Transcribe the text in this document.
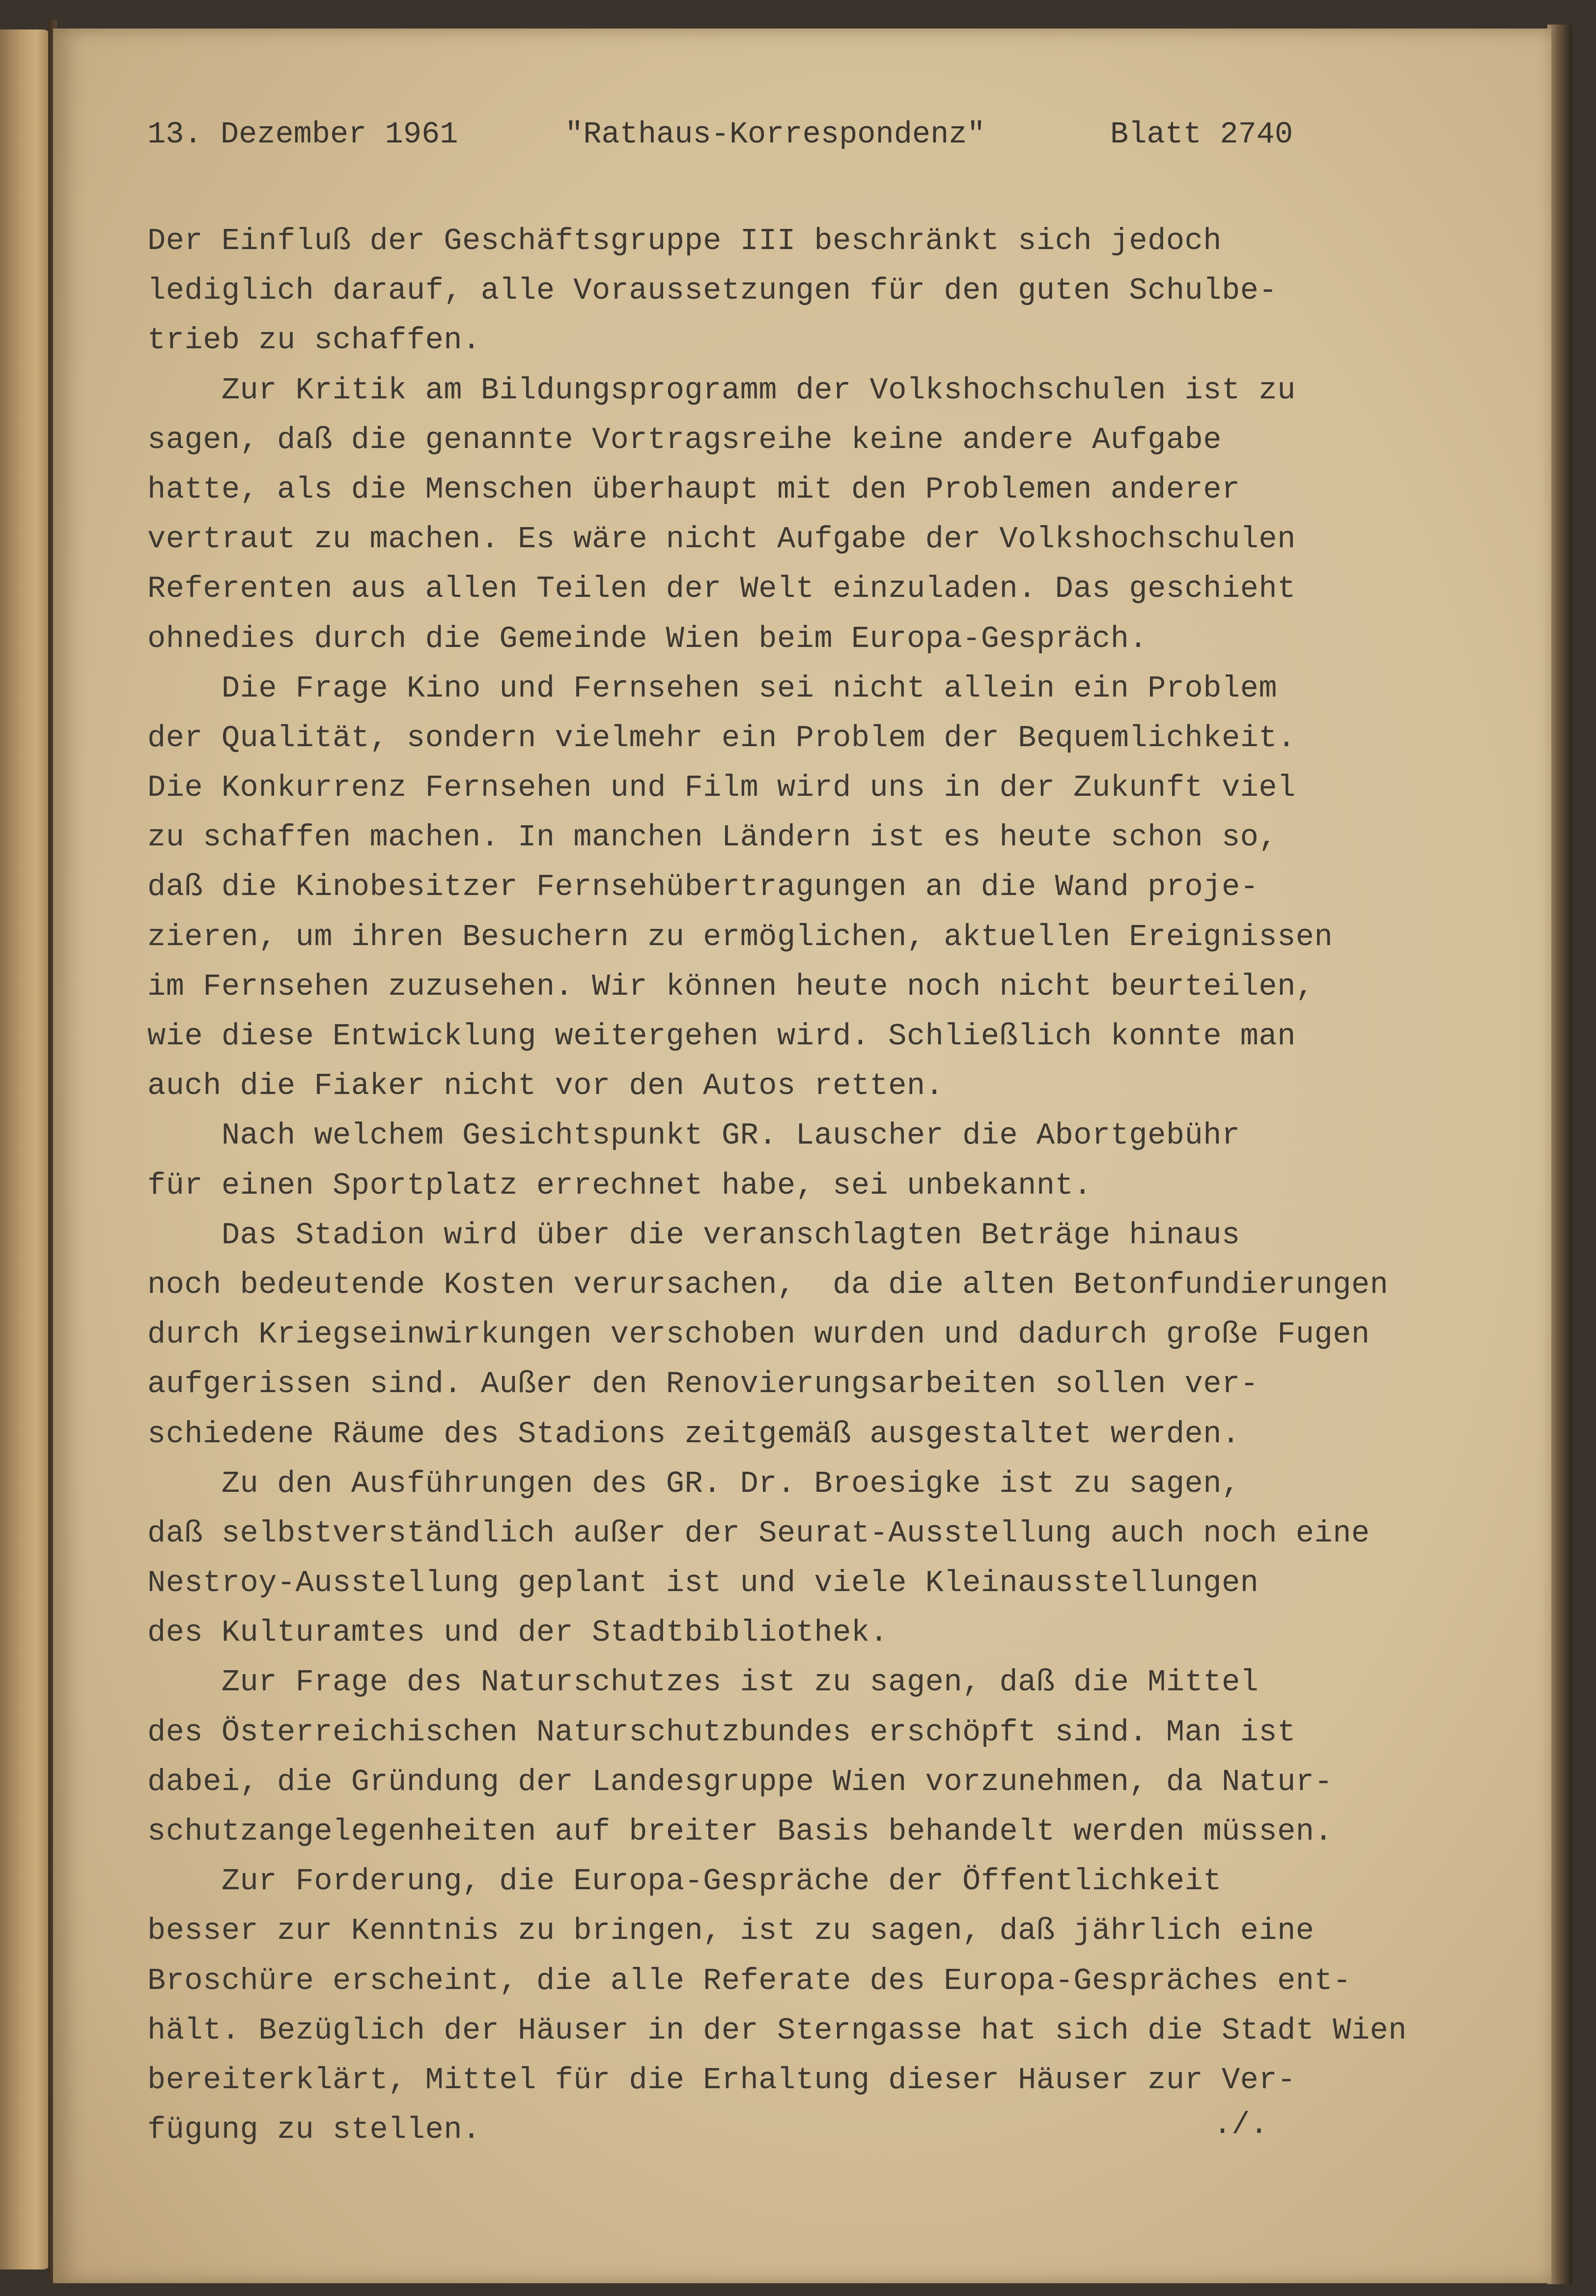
13. Dezember 1961

	"Rathaus-Korrespondenz"

	Blatt 2740

Der Einfluß der Geschäftsgruppe III beschränkt sich jedoch
lediglich darauf, alle Voraussetzungen für den guten Schulbe-
trieb zu schaffen.
Zur Kritik am Bildungsprogramm der Volkshochschulen ist zu
sagen, daß die genannte Vortragsreihe keine andere Aufgabe
hatte, als die Menschen überhaupt mit den Problemen anderer
vertraut zu machen. Es wäre nicht Aufgabe der Volkshochschulen
Referenten aus allen Teilen der Welt einzuladen. Das geschieht
ohnedies durch die Gemeinde Wien beim Europa-Gespräch.
Die Frage Kino und Fernsehen sei nicht allein ein Problem
der Qualität, sondern vielmehr ein Problem der Bequemlichkeit.
Die Konkurrenz Fernsehen und Film wird uns in der Zukunft viel
zu schaffen machen. In manchen Ländern ist es heute schon so,
daß die Kinobesitzer Fernsehübertragungen an die Wand proje-
zieren, um ihren Besuchern zu ermöglichen, aktuellen Ereignissen
im Fernsehen zuzusehen. Wir können heute noch nicht beurteilen,
wie diese Entwicklung weitergehen wird. Schließlich konnte man
auch die Fiaker nicht vor den Autos retten.
Nach welchem Gesichtspunkt GR. Lauscher die Abortgebühr
für einen Sportplatz errechnet habe, sei unbekannt.
Das Stadion wird über die veranschlagten Beträge hinaus
noch bedeutende Kosten verursachen,  da die alten Betonfundierungen
durch Kriegseinwirkungen verschoben wurden und dadurch große Fugen
aufgerissen sind. Außer den Renovierungsarbeiten sollen ver-
schiedene Räume des Stadions zeitgemäß ausgestaltet werden.
Zu den Ausführungen des GR. Dr. Broesigke ist zu sagen,
daß selbstverständlich außer der Seurat-Ausstellung auch noch eine
Nestroy-Ausstellung geplant ist und viele Kleinausstellungen
des Kulturamtes und der Stadtbibliothek.
Zur Frage des Naturschutzes ist zu sagen, daß die Mittel
des Österreichischen Naturschutzbundes erschöpft sind. Man ist
dabei, die Gründung der Landesgruppe Wien vorzunehmen, da Natur-
schutzangelegenheiten auf breiter Basis behandelt werden müssen.
Zur Forderung, die Europa-Gespräche der Öffentlichkeit
besser zur Kenntnis zu bringen, ist zu sagen, daß jährlich eine
Broschüre erscheint, die alle Referate des Europa-Gespräches ent-
hält. Bezüglich der Häuser in der Sterngasse hat sich die Stadt Wien
bereiterklärt, Mittel für die Erhaltung dieser Häuser zur Ver-
fügung zu stellen.	./.
